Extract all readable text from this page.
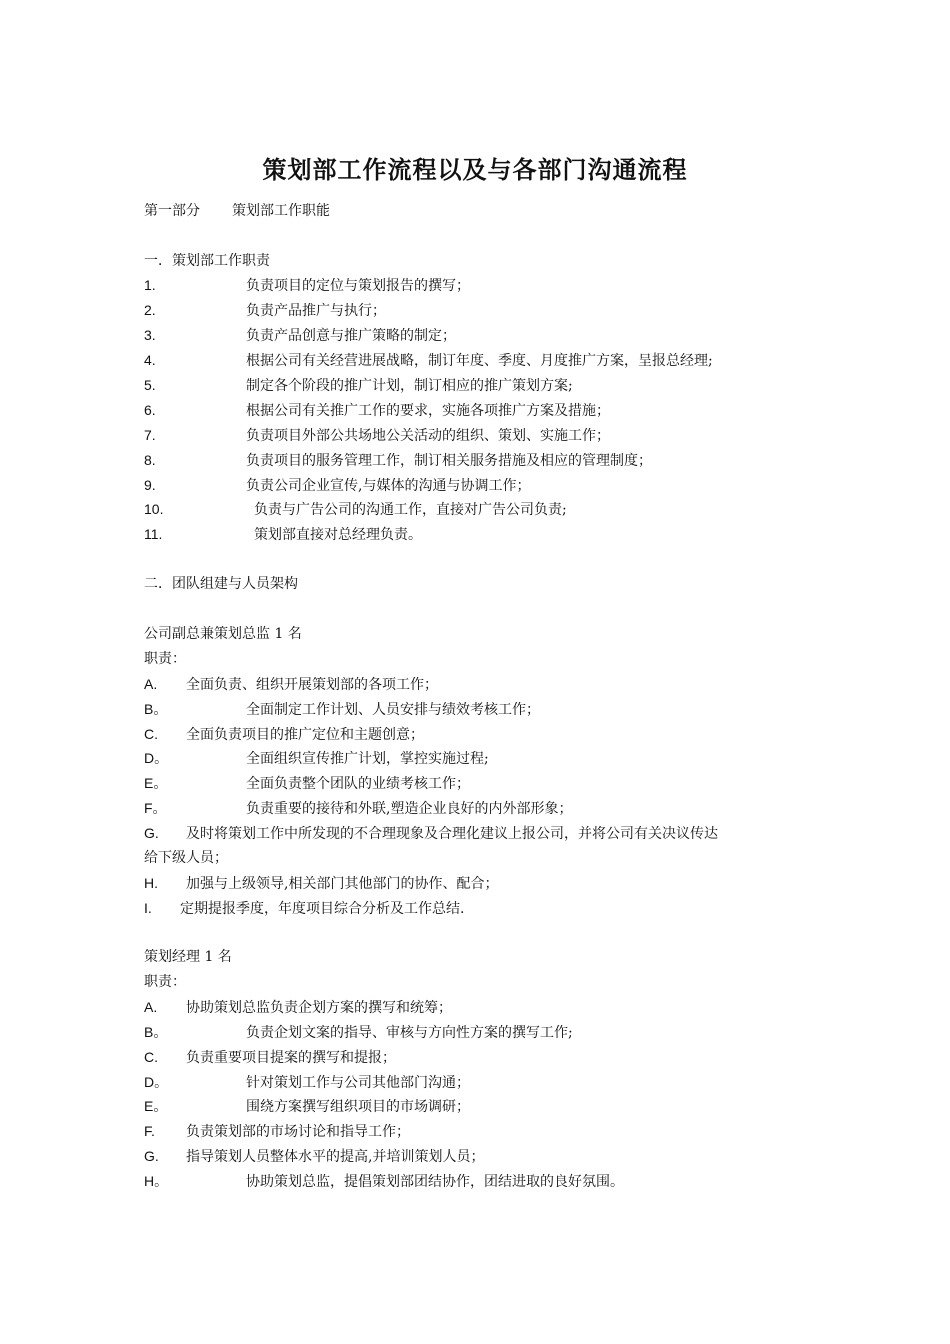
策划部工作流程以及与各部门沟通流程
第一部分 策划部工作职能
一．策划部工作职责
1.	负责项目的定位与策划报告的撰写；
2.	负责产品推广与执行；
3.	负责产品创意与推广策略的制定；
4.	根据公司有关经营进展战略，制订年度、季度、月度推广方案，呈报总经理;
5.	制定各个阶段的推广计划，制订相应的推广策划方案;
6.	根据公司有关推广工作的要求，实施各项推广方案及措施；
7.	负责项目外部公共场地公关活动的组织、策划、实施工作；
8.	负责项目的服务管理工作，制订相关服务措施及相应的管理制度；
9.	负责公司企业宣传,与媒体的沟通与协调工作；
10.	负责与广告公司的沟通工作，直接对广告公司负责;
11.	策划部直接对总经理负责。
二．团队组建与人员架构
公司副总兼策划总监 1 名
职责：
A. 全面负责、组织开展策划部的各项工作；
B。	全面制定工作计划、人员安排与绩效考核工作；
C. 全面负责项目的推广定位和主题创意；
D。	全面组织宣传推广计划，掌控实施过程;
E。	全面负责整个团队的业绩考核工作；
F。	负责重要的接待和外联,塑造企业良好的内外部形象；
G. 及时将策划工作中所发现的不合理现象及合理化建议上报公司，并将公司有关决议传达
给下级人员；
H. 加强与上级领导,相关部门其他部门的协作、配合；
I. 定期提报季度，年度项目综合分析及工作总结.
策划经理 1 名
职责：
A. 协助策划总监负责企划方案的撰写和统筹；
B。	负责企划文案的指导、审核与方向性方案的撰写工作;
C. 负责重要项目提案的撰写和提报；
D。	针对策划工作与公司其他部门沟通；
E。	围绕方案撰写组织项目的市场调研；
F. 负责策划部的市场讨论和指导工作；
G. 指导策划人员整体水平的提高,并培训策划人员；
H。	协助策划总监，提倡策划部团结协作，团结进取的良好氛围。
